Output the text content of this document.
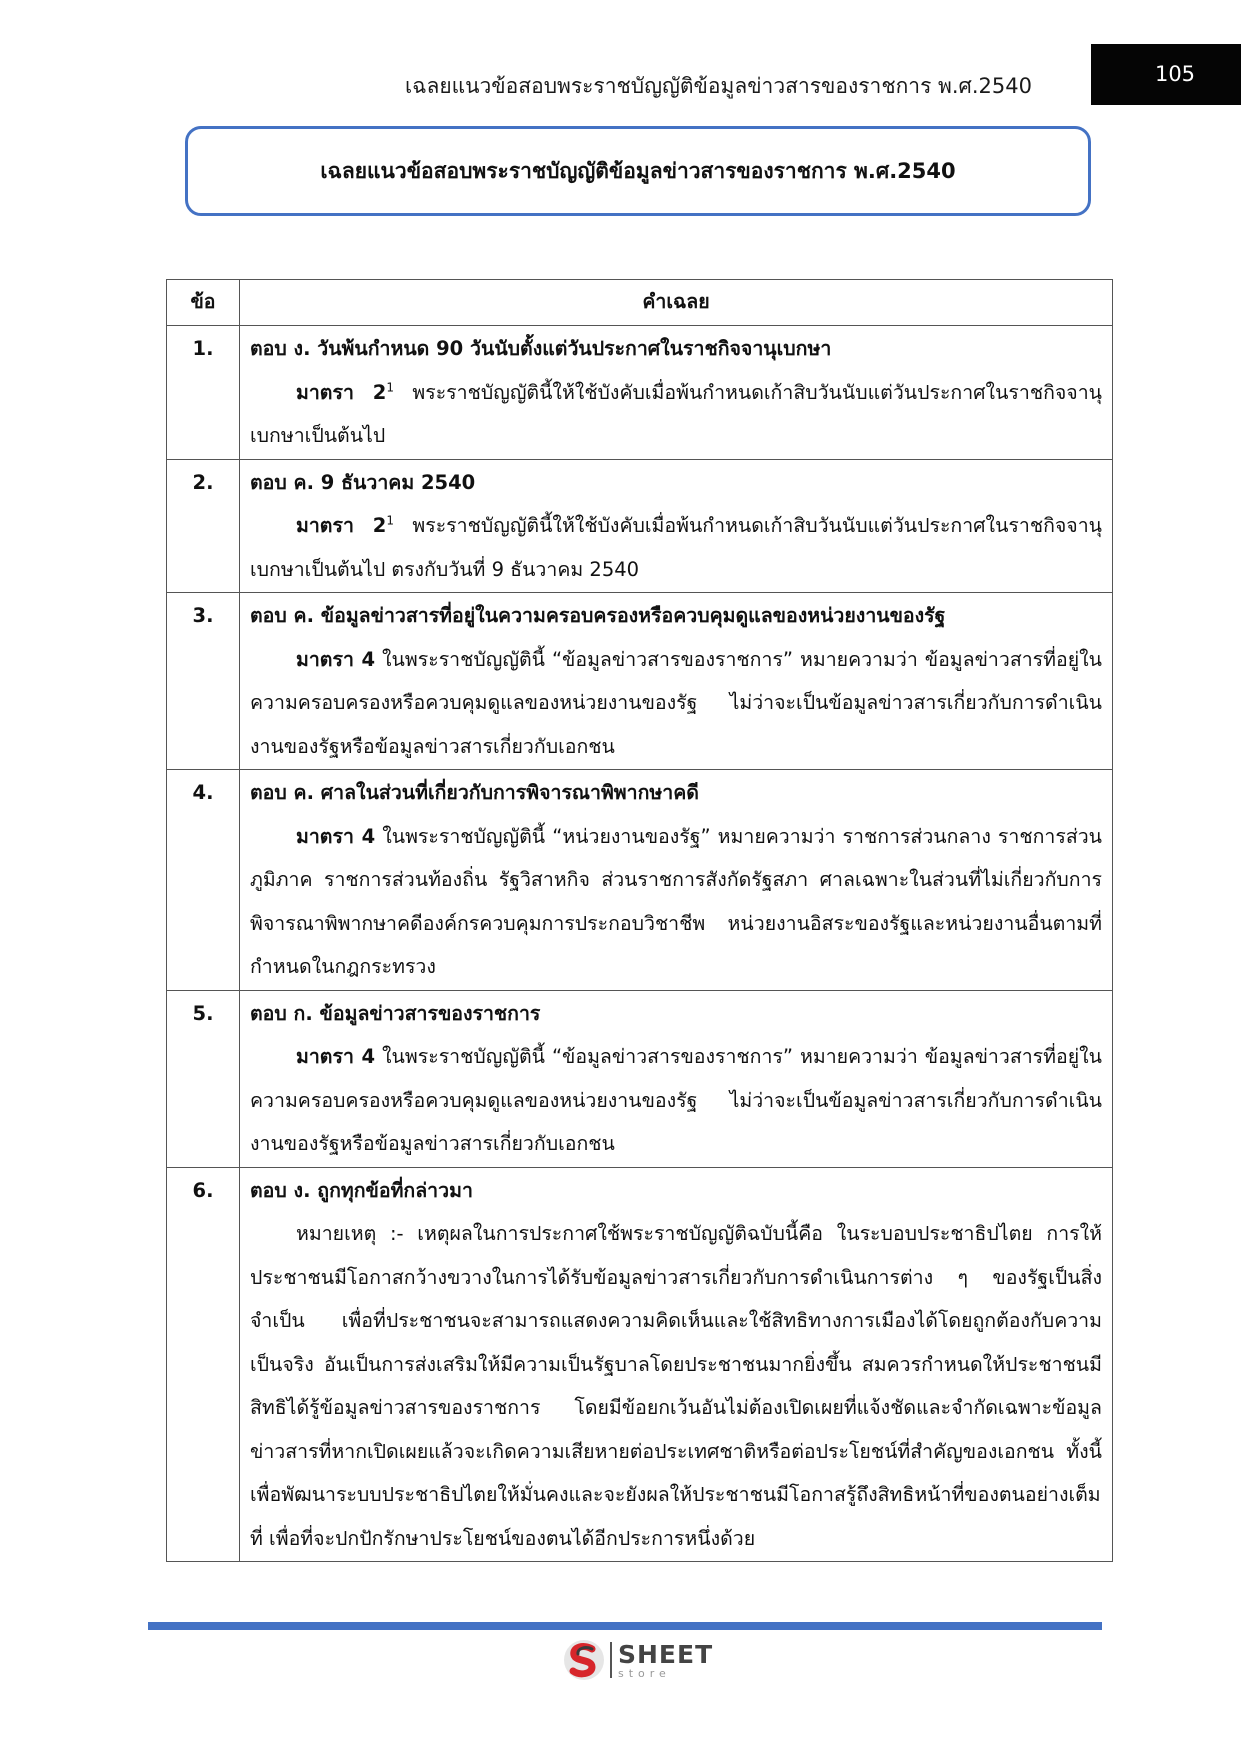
เฉลยแนวข้อสอบพระราชบัญญัติข้อมูลข่าวสารของราชการ พ.ศ.2540	105
เฉลยแนวข้อสอบพระราชบัญญัติข้อมูลข่าวสารของราชการ พ.ศ.2540
ข้อ	คำเฉลย
1.	ตอบ ง. วันพ้นกำหนด 90 วันนับตั้งแต่วันประกาศในราชกิจจานุเบกษา
มาตรา $2^1$ พระราชบัญญัตินี้ให้ใช้บังคับเมื่อพ้นกำหนดเก้าสิบวันนับแต่วันประกาศในราชกิจจานุเบกษาเป็นต้นไป

2.	ตอบ ค. 9 ธันวาคม 2540
มาตรา $2^1$ พระราชบัญญัตินี้ให้ใช้บังคับเมื่อพ้นกำหนดเก้าสิบวันนับแต่วันประกาศในราชกิจจานุเบกษาเป็นต้นไป ตรงกับวันที่ 9 ธันวาคม 2540

3.	ตอบ ค. ข้อมูลข่าวสารที่อยู่ในความครอบครองหรือควบคุมดูแลของหน่วยงานของรัฐ
มาตรา 4 ในพระราชบัญญัตินี้ “ข้อมูลข่าวสารของราชการ” หมายความว่า ข้อมูลข่าวสารที่อยู่ในความครอบครองหรือควบคุมดูแลของหน่วยงานของรัฐ ไม่ว่าจะเป็นข้อมูลข่าวสารเกี่ยวกับการดำเนินงานของรัฐหรือข้อมูลข่าวสารเกี่ยวกับเอกชน

4.	ตอบ ค. ศาลในส่วนที่เกี่ยวกับการพิจารณาพิพากษาคดี
มาตรา 4 ในพระราชบัญญัตินี้ “หน่วยงานของรัฐ” หมายความว่า ราชการส่วนกลาง ราชการส่วนภูมิภาค ราชการส่วนท้องถิ่น รัฐวิสาหกิจ ส่วนราชการสังกัดรัฐสภา ศาลเฉพาะในส่วนที่ไม่เกี่ยวกับการพิจารณาพิพากษาคดีองค์กรควบคุมการประกอบวิชาชีพ หน่วยงานอิสระของรัฐและหน่วยงานอื่นตามที่กำหนดในกฎกระทรวง

5.	ตอบ ก. ข้อมูลข่าวสารของราชการ
มาตรา 4 ในพระราชบัญญัตินี้ “ข้อมูลข่าวสารของราชการ” หมายความว่า ข้อมูลข่าวสารที่อยู่ในความครอบครองหรือควบคุมดูแลของหน่วยงานของรัฐ ไม่ว่าจะเป็นข้อมูลข่าวสารเกี่ยวกับการดำเนินงานของรัฐหรือข้อมูลข่าวสารเกี่ยวกับเอกชน

6.	ตอบ ง. ถูกทุกข้อที่กล่าวมา
หมายเหตุ :- เหตุผลในการประกาศใช้พระราชบัญญัติฉบับนี้คือ ในระบอบประชาธิปไตย การให้ประชาชนมีโอกาสกว้างขวางในการได้รับข้อมูลข่าวสารเกี่ยวกับการดำเนินการต่าง ๆ ของรัฐเป็นสิ่งจำเป็น เพื่อที่ประชาชนจะสามารถแสดงความคิดเห็นและใช้สิทธิทางการเมืองได้โดยถูกต้องกับความเป็นจริง อันเป็นการส่งเสริมให้มีความเป็นรัฐบาลโดยประชาชนมากยิ่งขึ้น สมควรกำหนดให้ประชาชนมีสิทธิได้รู้ข้อมูลข่าวสารของราชการ โดยมีข้อยกเว้นอันไม่ต้องเปิดเผยที่แจ้งชัดและจำกัดเฉพาะข้อมูลข่าวสารที่หากเปิดเผยแล้วจะเกิดความเสียหายต่อประเทศชาติหรือต่อประโยชน์ที่สำคัญของเอกชน ทั้งนี้เพื่อพัฒนาระบบประชาธิปไตยให้มั่นคงและจะยังผลให้ประชาชนมีโอกาสรู้ถึงสิทธิหน้าที่ของตนอย่างเต็มที่ เพื่อที่จะปกปักรักษาประโยชน์ของตนได้อีกประการหนึ่งด้วย
SHEET
store
